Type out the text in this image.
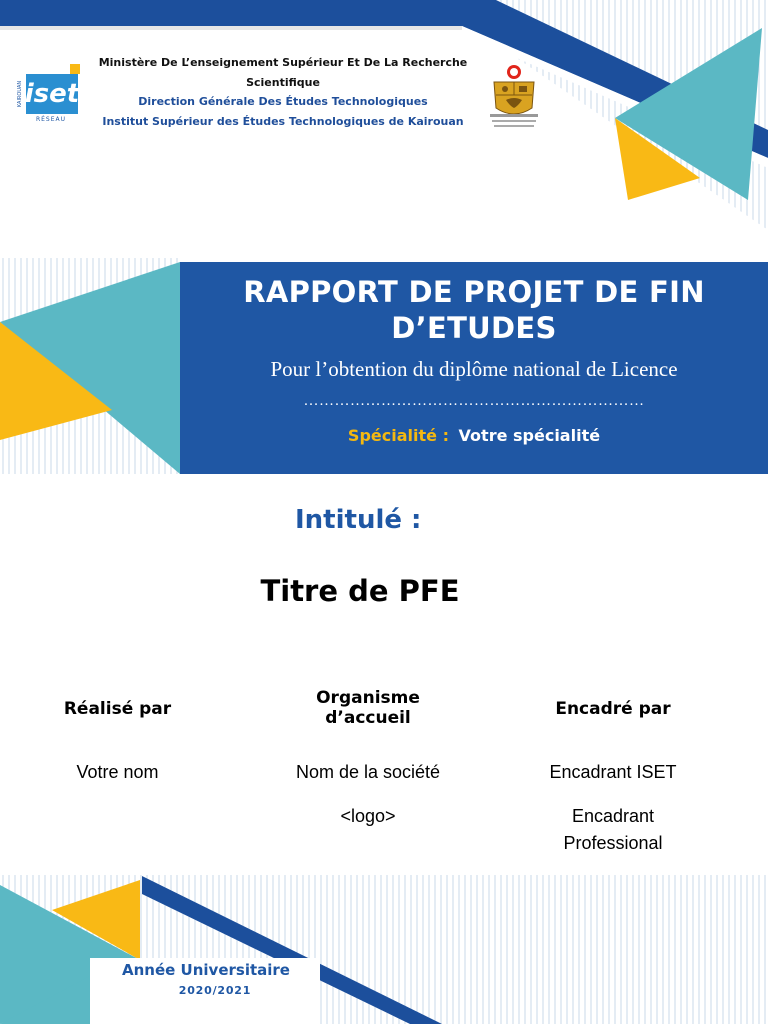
iset
RÉSEAU
KAIROUAN
Ministère De L’enseignement Supérieur Et De La Recherche Scientifique
Direction Générale Des Études Technologiques
Institut Supérieur des Études Technologiques de Kairouan
RAPPORT DE PROJET DE FIN D’ETUDES
Pour l’obtention du diplôme national de Licence
…………………………………………………………
Spécialité : Votre spécialité
Intitulé :
Titre de PFE
Réalisé par
Votre nom
Organisme
d’accueil
Nom de la société
<logo>
Encadré par
Encadrant ISET
Encadrant
Professional
Année Universitaire
2020/2021
